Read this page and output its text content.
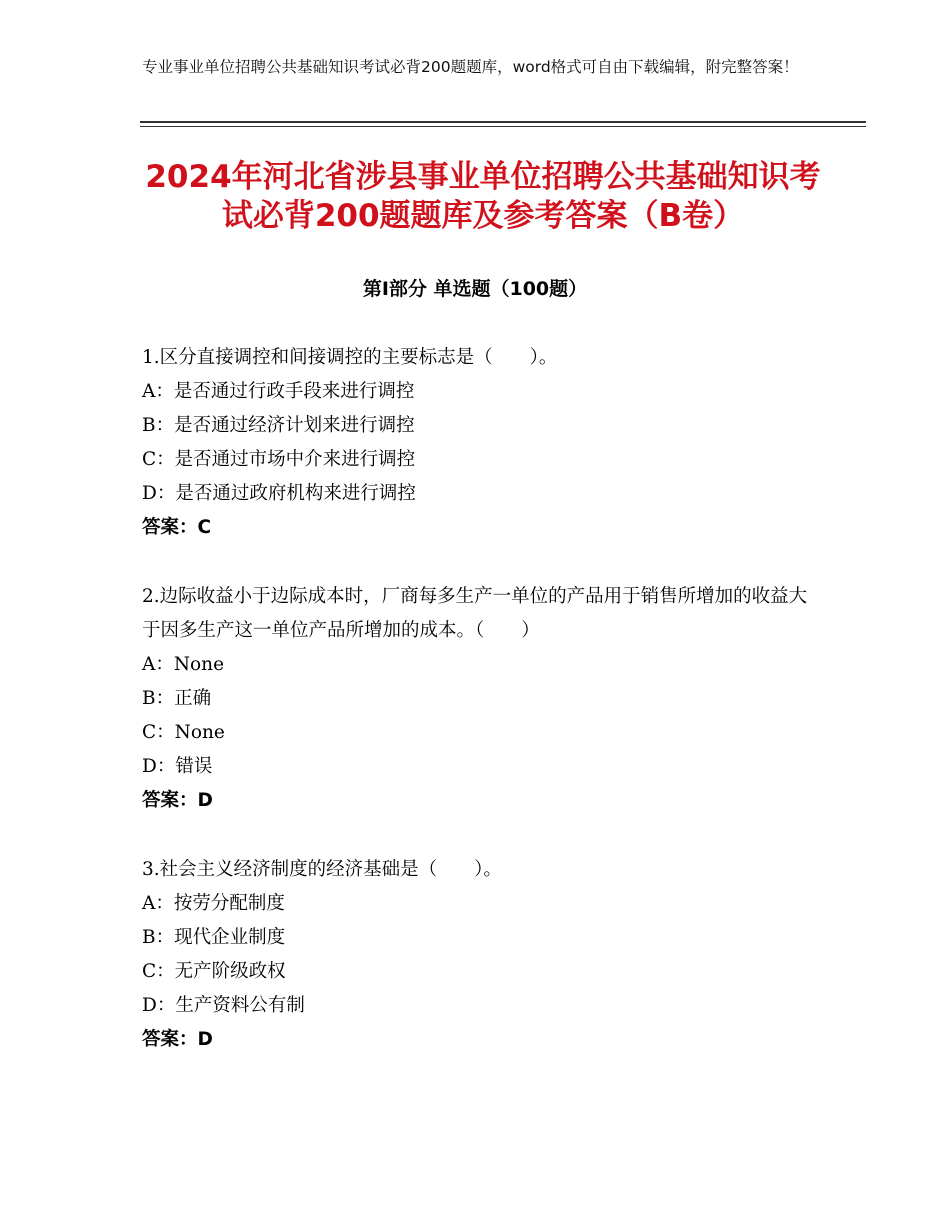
专业事业单位招聘公共基础知识考试必背200题题库，word格式可自由下载编辑，附完整答案！
2024年河北省涉县事业单位招聘公共基础知识考试必背200题题库及参考答案（B卷）
第Ⅰ部分 单选题（100题）
1.区分直接调控和间接调控的主要标志是（　　）。
A：是否通过行政手段来进行调控
B：是否通过经济计划来进行调控
C：是否通过市场中介来进行调控
D：是否通过政府机构来进行调控
答案：C
2.边际收益小于边际成本时，厂商每多生产一单位的产品用于销售所增加的收益大于因多生产这一单位产品所增加的成本。（　　）
A：None
B：正确
C：None
D：错误
答案：D
3.社会主义经济制度的经济基础是（　　）。
A：按劳分配制度
B：现代企业制度
C：无产阶级政权
D：生产资料公有制
答案：D
